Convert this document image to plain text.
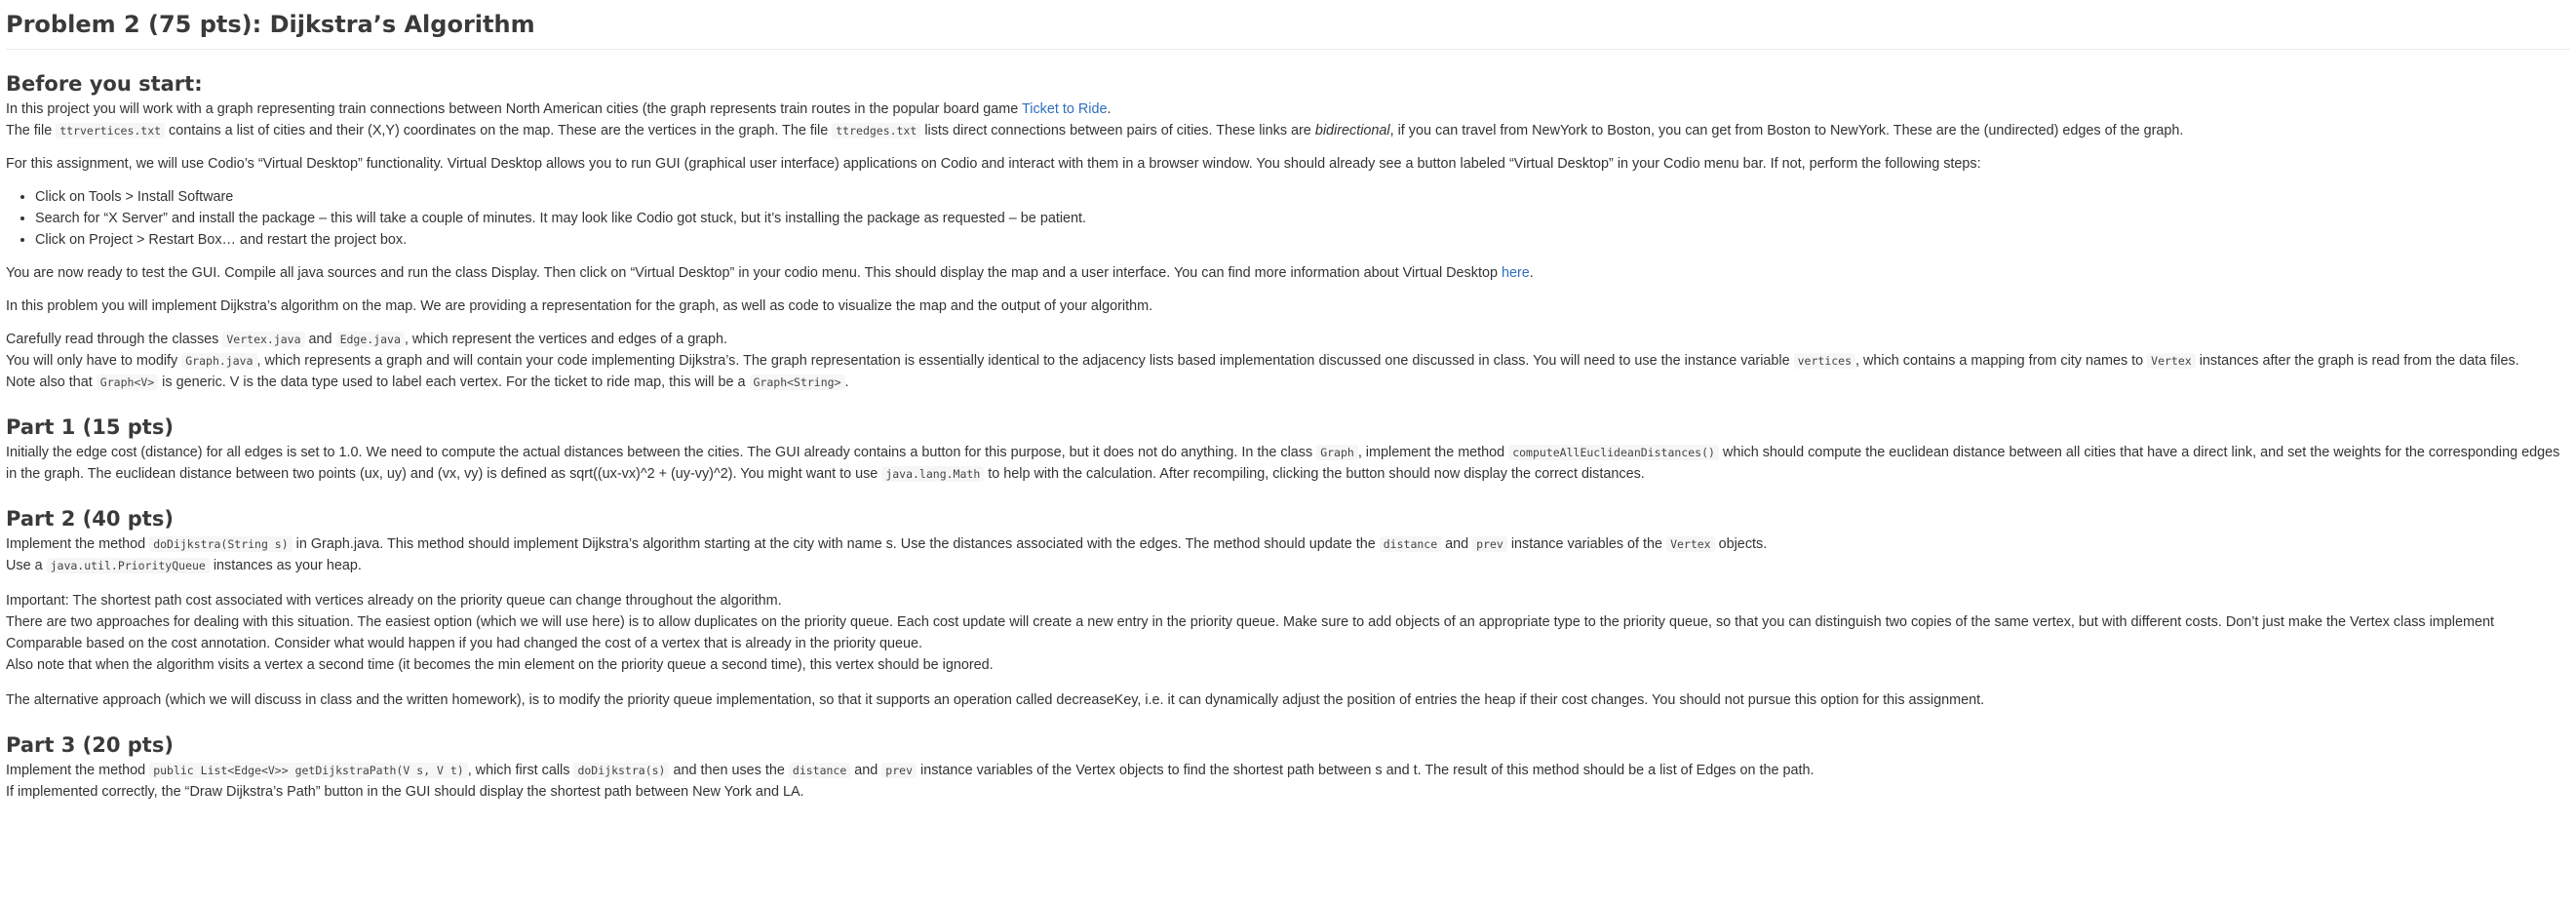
Problem 2 (75 pts): Dijkstra’s Algorithm
Before you start:

In this project you will work with a graph representing train connections between North American cities (the graph represents train routes in the popular board game Ticket to Ride.
The file ttrvertices.txt contains a list of cities and their (X,Y) coordinates on the map. These are the vertices in the graph. The file ttredges.txt lists direct connections between pairs of cities. These links are bidirectional, if you can travel from NewYork to Boston, you can get from Boston to NewYork. These are the (undirected) edges of the graph.

For this assignment, we will use Codio’s “Virtual Desktop” functionality. Virtual Desktop allows you to run GUI (graphical user interface) applications on Codio and interact with them in a browser window. You should already see a button labeled “Virtual Desktop” in your Codio menu bar. If not, perform the following steps:

• Click on Tools > Install Software
• Search for “X Server” and install the package – this will take a couple of minutes. It may look like Codio got stuck, but it’s installing the package as requested – be patient.
• Click on Project > Restart Box… and restart the project box.

You are now ready to test the GUI. Compile all java sources and run the class Display. Then click on “Virtual Desktop” in your codio menu. This should display the map and a user interface. You can find more information about Virtual Desktop here.

In this problem you will implement Dijkstra’s algorithm on the map. We are providing a representation for the graph, as well as code to visualize the map and the output of your algorithm.

Carefully read through the classes Vertex.java and Edge.java , which represent the vertices and edges of a graph.
You will only have to modify Graph.java , which represents a graph and will contain your code implementing Dijkstra’s. The graph representation is essentially identical to the adjacency lists based implementation discussed one discussed in class. You will need to use the instance variable vertices , which contains a mapping from city names to Vertex instances after the graph is read from the data files.
Note also that Graph<V> is generic. V is the data type used to label each vertex. For the ticket to ride map, this will be a Graph<String> .

Part 1 (15 pts)

Initially the edge cost (distance) for all edges is set to 1.0. We need to compute the actual distances between the cities. The GUI already contains a button for this purpose, but it does not do anything. In the class Graph , implement the method computeAllEuclideanDistances() which should compute the euclidean distance between all cities that have a direct link, and set the weights for the corresponding edges in the graph. The euclidean distance between two points (ux, uy) and (vx, vy) is defined as sqrt((ux-vx)^2 + (uy-vy)^2). You might want to use java.lang.Math to help with the calculation. After recompiling, clicking the button should now display the correct distances.

Part 2 (40 pts)

Implement the method doDijkstra(String s) in Graph.java. This method should implement Dijkstra’s algorithm starting at the city with name s. Use the distances associated with the edges. The method should update the distance and prev instance variables of the Vertex objects.
Use a java.util.PriorityQueue instances as your heap.

Important: The shortest path cost associated with vertices already on the priority queue can change throughout the algorithm.
There are two approaches for dealing with this situation. The easiest option (which we will use here) is to allow duplicates on the priority queue. Each cost update will create a new entry in the priority queue. Make sure to add objects of an appropriate type to the priority queue, so that you can distinguish two copies of the same vertex, but with different costs. Don’t just make the Vertex class implement Comparable based on the cost annotation. Consider what would happen if you had changed the cost of a vertex that is already in the priority queue.
Also note that when the algorithm visits a vertex a second time (it becomes the min element on the priority queue a second time), this vertex should be ignored.

The alternative approach (which we will discuss in class and the written homework), is to modify the priority queue implementation, so that it supports an operation called decreaseKey, i.e. it can dynamically adjust the position of entries the heap if their cost changes. You should not pursue this option for this assignment.

Part 3 (20 pts)

Implement the method public List<Edge<V>> getDijkstraPath(V s, V t) , which first calls doDijkstra(s) and then uses the distance and prev instance variables of the Vertex objects to find the shortest path between s and t. The result of this method should be a list of Edges on the path.
If implemented correctly, the “Draw Dijkstra’s Path” button in the GUI should display the shortest path between New York and LA.
